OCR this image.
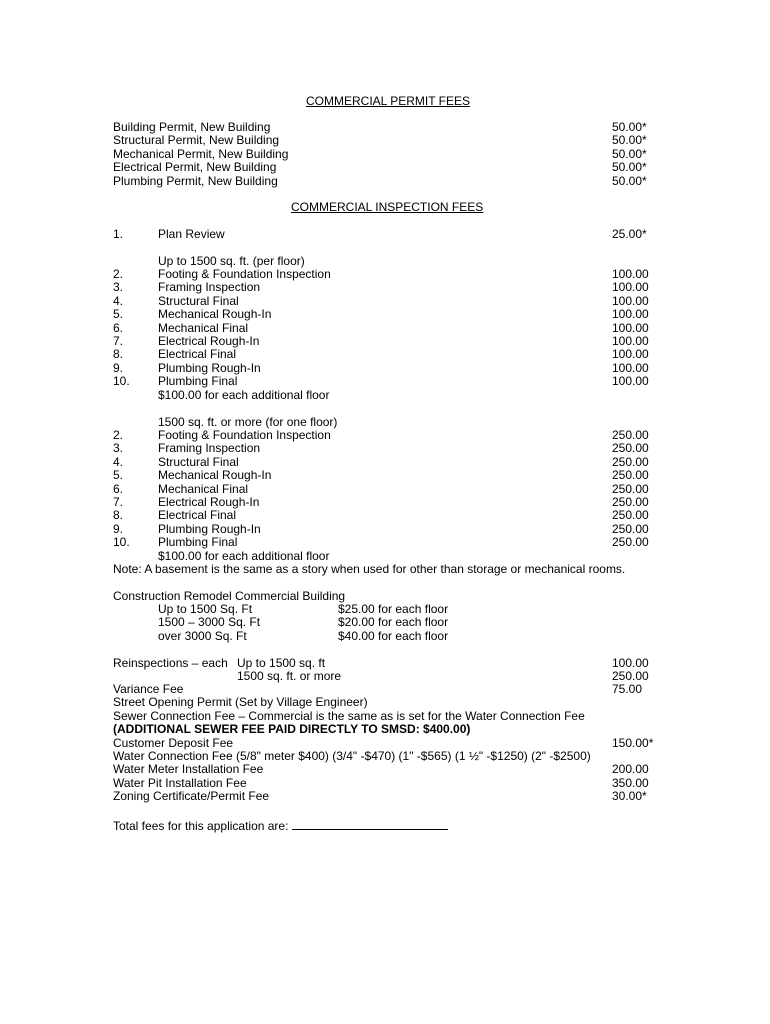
COMMERCIAL PERMIT FEES
Building Permit, New Building	50.00*
Structural Permit, New Building	50.00*
Mechanical Permit, New Building	50.00*
Electrical Permit, New Building	50.00*
Plumbing Permit, New Building	50.00*
COMMERCIAL INSPECTION FEES
1.	Plan Review	25.00*
Up to 1500 sq. ft. (per floor)
2.	Footing & Foundation Inspection	100.00
3.	Framing Inspection	100.00
4.	Structural Final	100.00
5.	Mechanical Rough-In	100.00
6.	Mechanical Final	100.00
7.	Electrical Rough-In	100.00
8.	Electrical Final	100.00
9.	Plumbing Rough-In	100.00
10. Plumbing Final	100.00
$100.00 for each additional floor
1500 sq. ft. or more (for one floor)
2.	Footing & Foundation Inspection	250.00
3.	Framing Inspection	250.00
4.	Structural Final	250.00
5.	Mechanical Rough-In	250.00
6.	Mechanical Final	250.00
7.	Electrical Rough-In	250.00
8.	Electrical Final	250.00
9.	Plumbing Rough-In	250.00
10. Plumbing Final	250.00
$100.00 for each additional floor
Note: A basement is the same as a story when used for other than storage or mechanical rooms.
Construction Remodel Commercial Building
Up to 1500 Sq. Ft	$25.00 for each floor
1500 – 3000 Sq. Ft	$20.00 for each floor
over 3000 Sq. Ft	$40.00 for each floor
Reinspections – each Up to 1500 sq. ft	100.00
1500 sq. ft. or more	250.00
Variance Fee	75.00
Street Opening Permit (Set by Village Engineer)
Sewer Connection Fee – Commercial is the same as is set for the Water Connection Fee
(ADDITIONAL SEWER FEE PAID DIRECTLY TO SMSD: $400.00)
Customer Deposit Fee	150.00*
Water Connection Fee (5/8" meter $400) (3/4" -$470) (1" -$565) (1 ½" -$1250) (2" -$2500)
Water Meter Installation Fee	200.00
Water Pit Installation Fee	350.00
Zoning Certificate/Permit Fee	30.00*
Total fees for this application are:
